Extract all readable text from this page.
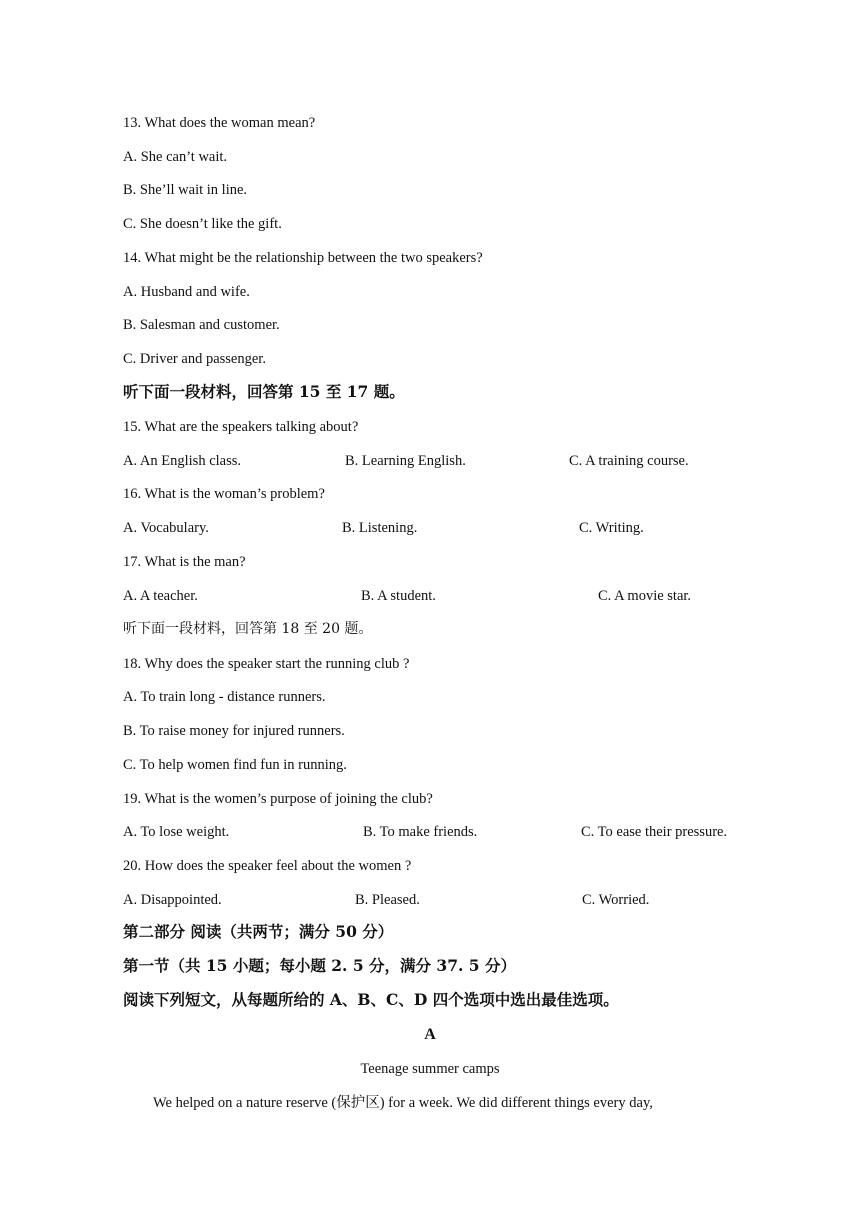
13. What does the woman mean?
A. She can’t wait.
B. She’ll wait in line.
C. She doesn’t like the gift.
14. What might be the relationship between the two speakers?
A. Husband and wife.
B. Salesman and customer.
C. Driver and passenger.
听下面一段材料，回答第 15 至 17 题。
15. What are the speakers talking about?
A. An English class.	B. Learning English.	C. A training course.
16. What is the woman’s problem?
A. Vocabulary.	B. Listening.	C. Writing.
17. What is the man?
A. A teacher.	B. A student.	C. A movie star.
听下面一段材料，回答第 18 至 20 题。
18. Why does the speaker start the running club ?
A. To train long - distance runners.
B. To raise money for injured runners.
C. To help women find fun in running.
19. What is the women’s purpose of joining the club?
A. To lose weight.	B. To make friends.	C. To ease their pressure.
20. How does the speaker feel about the women ?
A. Disappointed.	B. Pleased.	C. Worried.
第二部分 阅读（共两节；满分 50 分）
第一节（共 15 小题；每小题 2. 5 分，满分 37. 5 分）
阅读下列短文，从每题所给的 A、B、C、D 四个选项中选出最佳选项。
A
Teenage summer camps
We helped on a nature reserve (保护区) for a week. We did different things every day,
